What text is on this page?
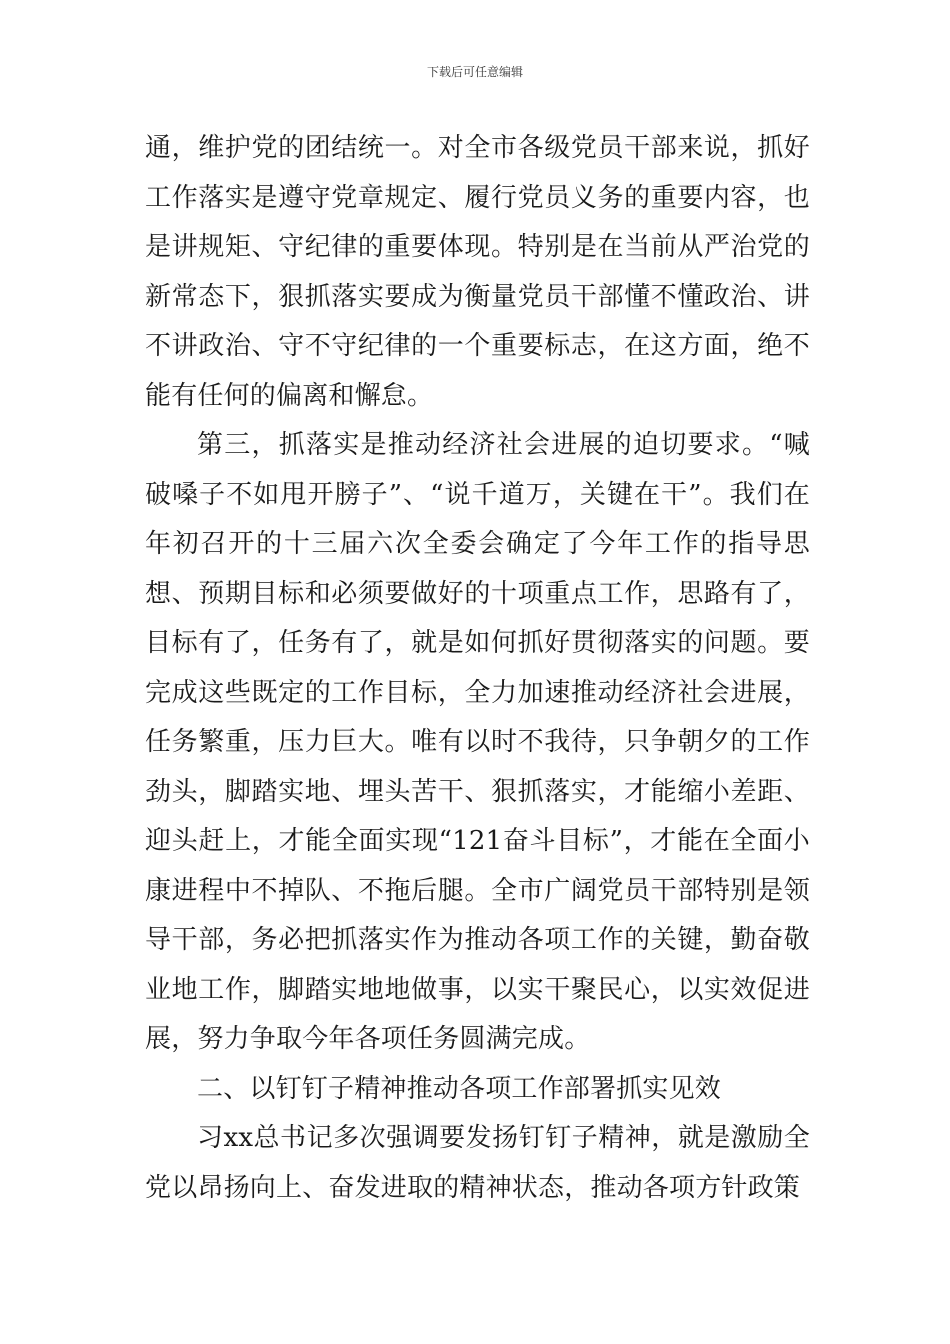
下载后可任意编辑

通，维护党的团结统一。对全市各级党员干部来说，抓好工作落实是遵守党章规定、履行党员义务的重要内容，也是讲规矩、守纪律的重要体现。特别是在当前从严治党的新常态下，狠抓落实要成为衡量党员干部懂不懂政治、讲不讲政治、守不守纪律的一个重要标志，在这方面，绝不能有任何的偏离和懈怠。

第三，抓落实是推动经济社会进展的迫切要求。“喊破嗓子不如甩开膀子”、“说千道万，关键在干”。我们在年初召开的十三届六次全委会确定了今年工作的指导思想、预期目标和必须要做好的十项重点工作，思路有了，目标有了，任务有了，就是如何抓好贯彻落实的问题。要完成这些既定的工作目标，全力加速推动经济社会进展，任务繁重，压力巨大。唯有以时不我待，只争朝夕的工作劲头，脚踏实地、埋头苦干、狠抓落实，才能缩小差距、迎头赶上，才能全面实现“121奋斗目标”，才能在全面小康进程中不掉队、不拖后腿。全市广阔党员干部特别是领导干部，务必把抓落实作为推动各项工作的关键，勤奋敬业地工作，脚踏实地地做事，以实干聚民心，以实效促进展，努力争取今年各项任务圆满完成。

二、以钉钉子精神推动各项工作部署抓实见效

习xx总书记多次强调要发扬钉钉子精神，就是激励全党以昂扬向上、奋发进取的精神状态，推动各项方针政策
